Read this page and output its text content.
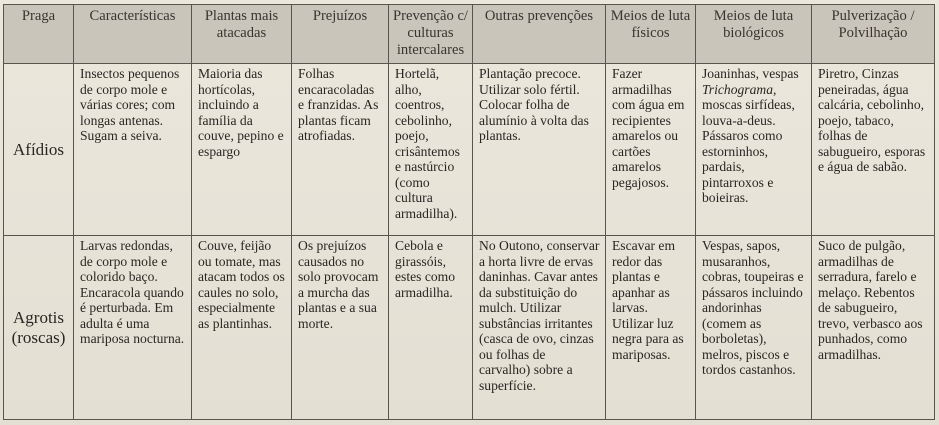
Praga	Características	Plantas mais atacadas	Prejuízos	Prevenção c/ culturas intercalares	Outras prevenções	Meios de luta físicos	Meios de luta biológicos	Pulverização / Polvilhação
Afídios	Insectos pequenos de corpo mole e várias cores; com longas antenas. Sugam a seiva.	Maioria das hortícolas, incluindo a família da couve, pepino e espargo	Folhas encaracoladas e franzidas. As plantas ficam atrofiadas.	Hortelã, alho, coentros, cebolinho, poejo, crisântemos e nastúrcio (como cultura armadilha).	Plantação precoce. Utilizar solo fértil. Colocar folha de alumínio à volta das plantas.	Fazer armadilhas com água em recipientes amarelos ou cartões amarelos pegajosos.	Joaninhas, vespas Trichograma, moscas sirfídeas, louva-a-deus. Pássaros como estorninhos, pardais, pintarroxos e boieiras.	Piretro, Cinzas peneiradas, água calcária, cebolinho, poejo, tabaco, folhas de sabugueiro, esporas e água de sabão.
Agrotis (roscas)	Larvas redondas, de corpo mole e colorido baço. Encaracola quando é perturbada. Em adulta é uma mariposa nocturna.	Couve, feijão ou tomate, mas atacam todos os caules no solo, especialmente as plantinhas.	Os prejuízos causados no solo provocam a murcha das plantas e a sua morte.	Cebola e girassóis, estes como armadilha.	No Outono, conservar a horta livre de ervas daninhas. Cavar antes da substituição do mulch. Utilizar substâncias irritantes (casca de ovo, cinzas ou folhas de carvalho) sobre a superfície.	Escavar em redor das plantas e apanhar as larvas. Utilizar luz negra para as mariposas.	Vespas, sapos, musaranhos, cobras, toupeiras e pássaros incluindo andorinhas (comem as borboletas), melros, piscos e tordos castanhos.	Suco de pulgão, armadilhas de serradura, farelo e melaço. Rebentos de sabugueiro, trevo, verbasco aos punhados, como armadilhas.
